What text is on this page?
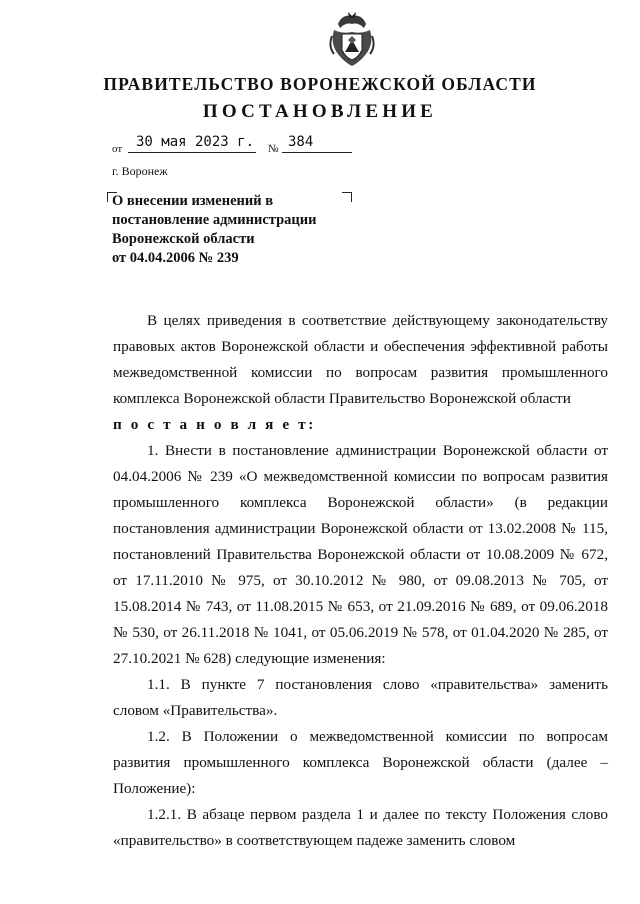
ПРАВИТЕЛЬСТВО ВОРОНЕЖСКОЙ ОБЛАСТИ
ПОСТАНОВЛЕНИЕ
от 30 мая 2023 г. № 384
г. Воронеж
О внесении изменений в
постановление администрации
Воронежской области
от 04.04.2006 № 239

В целях приведения в соответствие действующему законодательству правовых актов Воронежской области и обеспечения эффективной работы межведомственной комиссии по вопросам развития промышленного комплекса Воронежской области Правительство Воронежской области

п о с т а н о в л я е т:

1. Внести в постановление администрации Воронежской области от 04.04.2006 № 239 «О межведомственной комиссии по вопросам развития промышленного комплекса Воронежской области» (в редакции постановления администрации Воронежской области от 13.02.2008 № 115, постановлений Правительства Воронежской области от 10.08.2009 № 672, от 17.11.2010 № 975, от 30.10.2012 № 980, от 09.08.2013 № 705, от 15.08.2014 № 743, от 11.08.2015 № 653, от 21.09.2016 № 689, от 09.06.2018 № 530, от 26.11.2018 № 1041, от 05.06.2019 № 578, от 01.04.2020 № 285, от 27.10.2021 № 628) следующие изменения:

1.1. В пункте 7 постановления слово «правительства» заменить словом «Правительства».

1.2. В Положении о межведомственной комиссии по вопросам развития промышленного комплекса Воронежской области (далее – Положение):

1.2.1. В абзаце первом раздела 1 и далее по тексту Положения слово «правительство» в соответствующем падеже заменить словом
